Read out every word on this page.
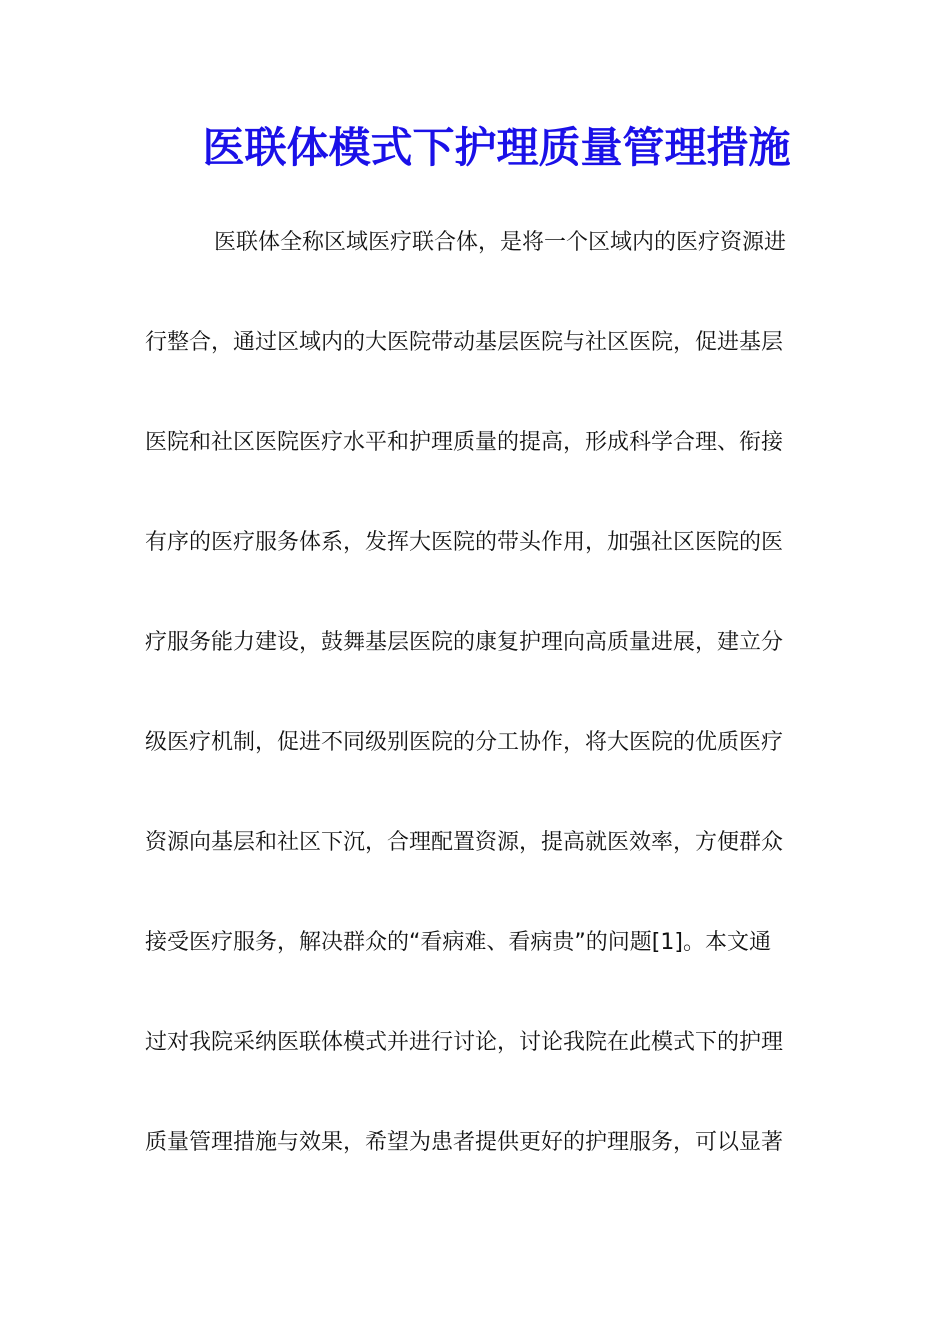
医联体模式下护理质量管理措施
医联体全称区域医疗联合体，是将一个区域内的医疗资源进
行整合，通过区域内的大医院带动基层医院与社区医院，促进基层
医院和社区医院医疗水平和护理质量的提高，形成科学合理、衔接
有序的医疗服务体系，发挥大医院的带头作用，加强社区医院的医
疗服务能力建设，鼓舞基层医院的康复护理向高质量进展，建立分
级医疗机制，促进不同级别医院的分工协作，将大医院的优质医疗
资源向基层和社区下沉，合理配置资源，提高就医效率，方便群众
接受医疗服务，解决群众的“看病难、看病贵”的问题[1]。本文通
过对我院采纳医联体模式并进行讨论，讨论我院在此模式下的护理
质量管理措施与效果，希望为患者提供更好的护理服务，可以显著
